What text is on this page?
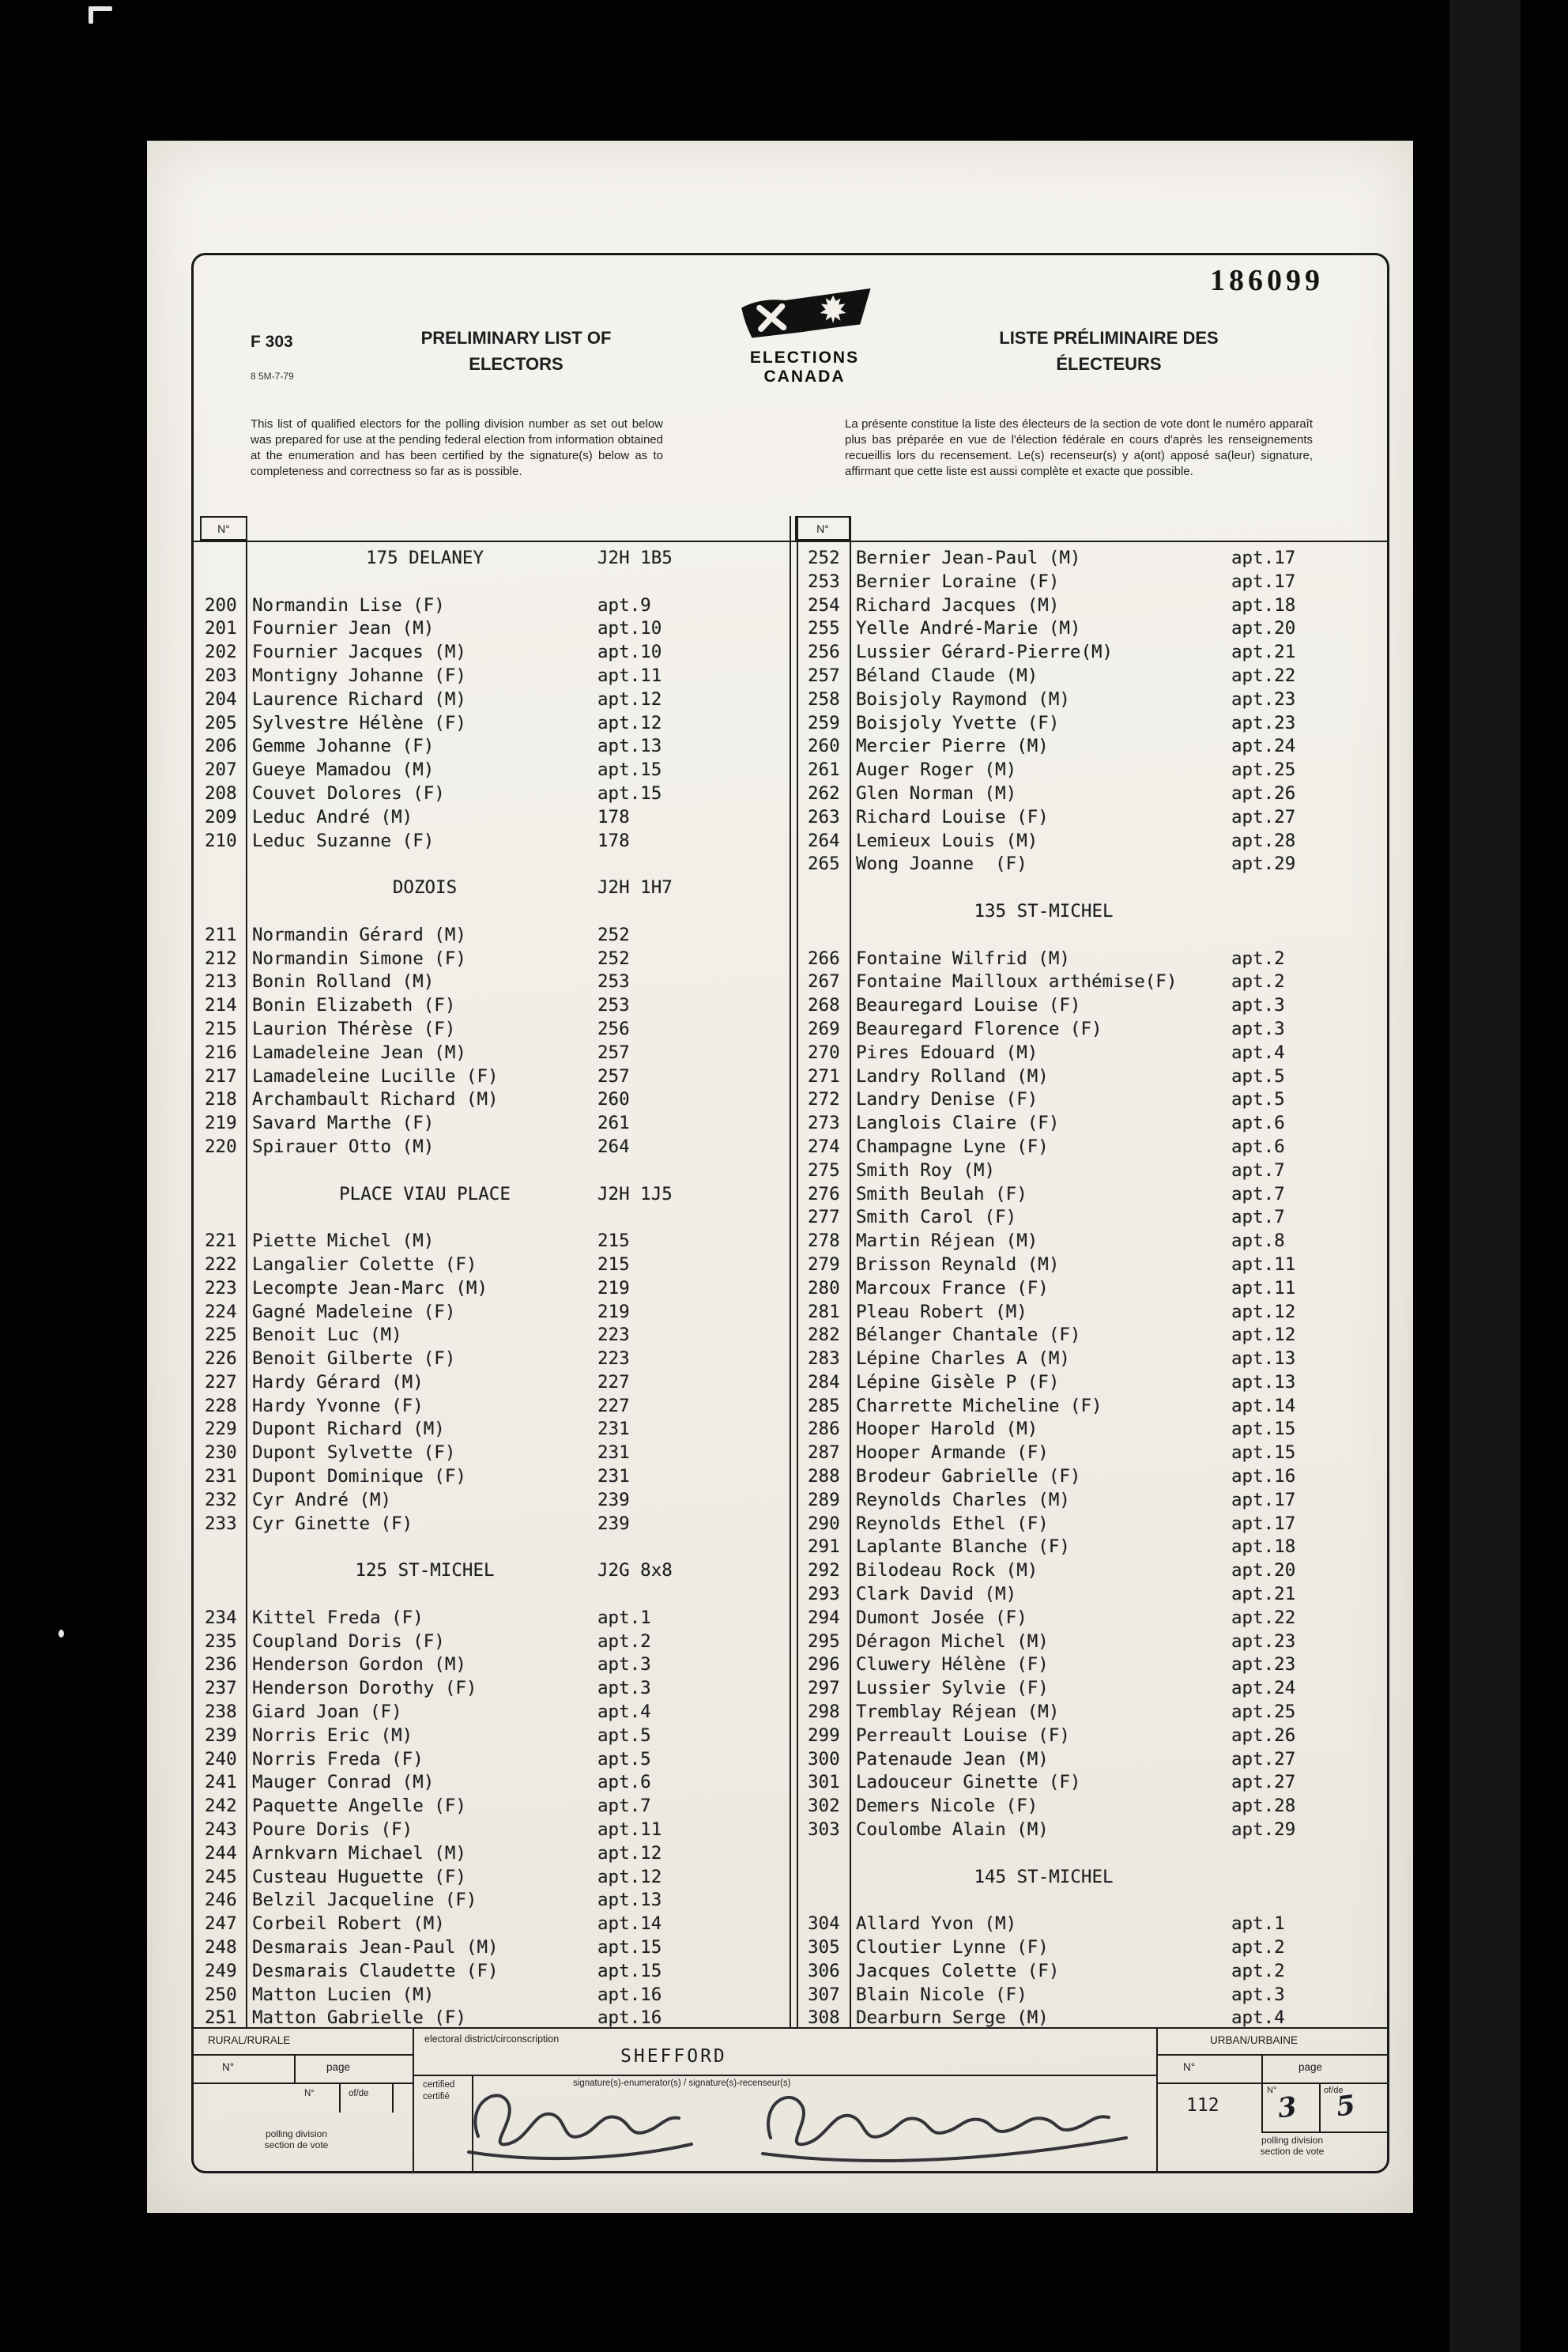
186099
F 303
8 5M-7-79
PRELIMINARY LIST OF
ELECTORS	ELECTIONS
CANADA
LISTE PRÉLIMINAIRE DES
ÉLECTEURS
This list of qualified electors for the polling division number as set out below was prepared for use at the pending federal election from information obtained at the enumeration and has been certified by the signature(s) below as to completeness and correctness so far as is possible.
La présente constitue la liste des électeurs de la section de vote dont le numéro apparaît plus bas préparée en vue de l'élection fédérale en cours d'après les renseignements recueillis lors du recensement. Le(s) recenseur(s) y a(ont) apposé sa(leur) signature, affirmant que cette liste est aussi complète et exacte que possible.
N°	N°
175 DELANEY	J2H 1B5
200 Normandin Lise (F)	apt.9
201 Fournier Jean (M)	apt.10
202 Fournier Jacques (M)	apt.10
203 Montigny Johanne (F)	apt.11
204 Laurence Richard (M)	apt.12
205 Sylvestre Hélène (F)	apt.12
206 Gemme Johanne (F)	apt.13
207 Gueye Mamadou (M)	apt.15
208 Couvet Dolores (F)	apt.15
209 Leduc André (M)	178
210 Leduc Suzanne (F)	178
DOZOIS	J2H 1H7
211 Normandin Gérard (M)	252
212 Normandin Simone (F)	252
213 Bonin Rolland (M)	253
214 Bonin Elizabeth (F)	253
215 Laurion Thérèse (F)	256
216 Lamadeleine Jean (M)	257
217 Lamadeleine Lucille (F)	257
218 Archambault Richard (M)	260
219 Savard Marthe (F)	261
220 Spirauer Otto (M)	264
PLACE VIAU PLACE	J2H 1J5
221 Piette Michel (M)	215
222 Langalier Colette (F)	215
223 Lecompte Jean-Marc (M)	219
224 Gagné Madeleine (F)	219
225 Benoit Luc (M)	223
226 Benoit Gilberte (F)	223
227 Hardy Gérard (M)	227
228 Hardy Yvonne (F)	227
229 Dupont Richard (M)	231
230 Dupont Sylvette (F)	231
231 Dupont Dominique (F)	231
232 Cyr André (M)	239
233 Cyr Ginette (F)	239
125 ST-MICHEL	J2G 8x8
234 Kittel Freda (F)	apt.1
235 Coupland Doris (F)	apt.2
236 Henderson Gordon (M)	apt.3
237 Henderson Dorothy (F)	apt.3
238 Giard Joan (F)	apt.4
239 Norris Eric (M)	apt.5
240 Norris Freda (F)	apt.5
241 Mauger Conrad (M)	apt.6
242 Paquette Angelle (F)	apt.7
243 Poure Doris (F)	apt.11
244 Arnkvarn Michael (M)	apt.12
245 Custeau Huguette (F)	apt.12
246 Belzil Jacqueline (F)	apt.13
247 Corbeil Robert (M)	apt.14
248 Desmarais Jean-Paul (M)	apt.15
249 Desmarais Claudette (F)	apt.15
250 Matton Lucien (M)	apt.16
251 Matton Gabrielle (F)	apt.16
252 Bernier Jean-Paul (M)	apt.17
253 Bernier Loraine (F)	apt.17
254 Richard Jacques (M)	apt.18
255 Yelle André-Marie (M)	apt.20
256 Lussier Gérard-Pierre(M)	apt.21
257 Béland Claude (M)	apt.22
258 Boisjoly Raymond (M)	apt.23
259 Boisjoly Yvette (F)	apt.23
260 Mercier Pierre (M)	apt.24
261 Auger Roger (M)	apt.25
262 Glen Norman (M)	apt.26
263 Richard Louise (F)	apt.27
264 Lemieux Louis (M)	apt.28
265 Wong Joanne  (F)	apt.29
135 ST-MICHEL
266 Fontaine Wilfrid (M)	apt.2
267 Fontaine Mailloux arthémise(F)	apt.2
268 Beauregard Louise (F)	apt.3
269 Beauregard Florence (F)	apt.3
270 Pires Edouard (M)	apt.4
271 Landry Rolland (M)	apt.5
272 Landry Denise (F)	apt.5
273 Langlois Claire (F)	apt.6
274 Champagne Lyne (F)	apt.6
275 Smith Roy (M)	apt.7
276 Smith Beulah (F)	apt.7
277 Smith Carol (F)	apt.7
278 Martin Réjean (M)	apt.8
279 Brisson Reynald (M)	apt.11
280 Marcoux France (F)	apt.11
281 Pleau Robert (M)	apt.12
282 Bélanger Chantale (F)	apt.12
283 Lépine Charles A (M)	apt.13
284 Lépine Gisèle P (F)	apt.13
285 Charrette Micheline (F)	apt.14
286 Hooper Harold (M)	apt.15
287 Hooper Armande (F)	apt.15
288 Brodeur Gabrielle (F)	apt.16
289 Reynolds Charles (M)	apt.17
290 Reynolds Ethel (F)	apt.17
291 Laplante Blanche (F)	apt.18
292 Bilodeau Rock (M)	apt.20
293 Clark David (M)	apt.21
294 Dumont Josée (F)	apt.22
295 Déragon Michel (M)	apt.23
296 Cluwery Hélène (F)	apt.23
297 Lussier Sylvie (F)	apt.24
298 Tremblay Réjean (M)	apt.25
299 Perreault Louise (F)	apt.26
300 Patenaude Jean (M)	apt.27
301 Ladouceur Ginette (F)	apt.27
302 Demers Nicole (F)	apt.28
303 Coulombe Alain (M)	apt.29
145 ST-MICHEL
304 Allard Yvon (M)	apt.1
305 Cloutier Lynne (F)	apt.2
306 Jacques Colette (F)	apt.2
307 Blain Nicole (F)	apt.3
308 Dearburn Serge (M)	apt.4
RURAL/RURALE
N°	page
N°	of/de
polling division
section de vote
electoral district/circonscription
SHEFFORD
certified
certifié
signature(s)-enumerator(s) / signature(s)-recenseur(s)
URBAN/URBAINE
N°	page
112
N°	of/de
3 5
polling division
section de vote
